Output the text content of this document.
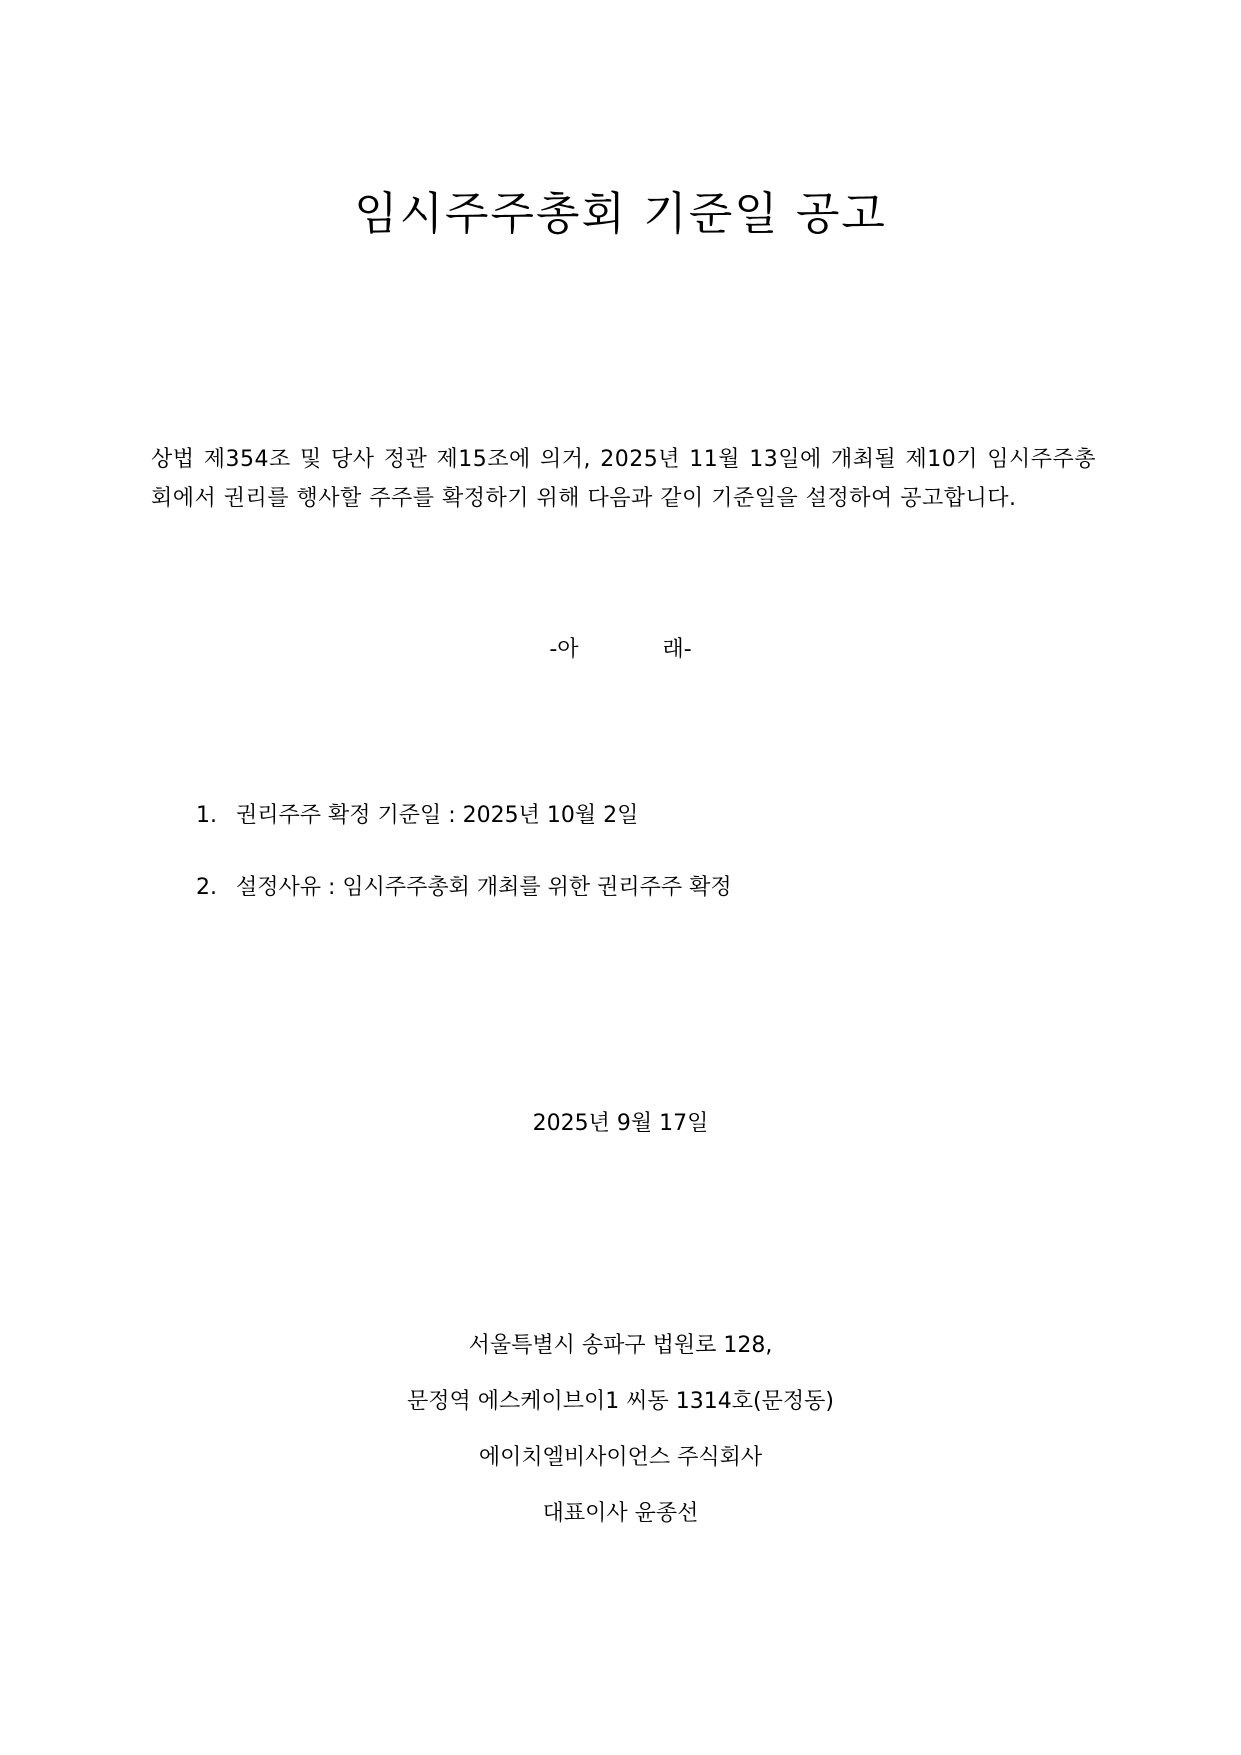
임시주주총회 기준일 공고
상법 제354조 및 당사 정관 제15조에 의거, 2025년 11월 13일에 개최될 제10기 임시주주총회에서 권리를 행사할 주주를 확정하기 위해 다음과 같이 기준일을 설정하여 공고합니다.
-아            래-
1. 권리주주 확정 기준일 : 2025년 10월 2일
2. 설정사유 : 임시주주총회 개최를 위한 권리주주 확정
2025년 9월 17일
서울특별시 송파구 법원로 128,
문정역 에스케이브이1 씨동 1314호(문정동)
에이치엘비사이언스 주식회사
대표이사 윤종선
